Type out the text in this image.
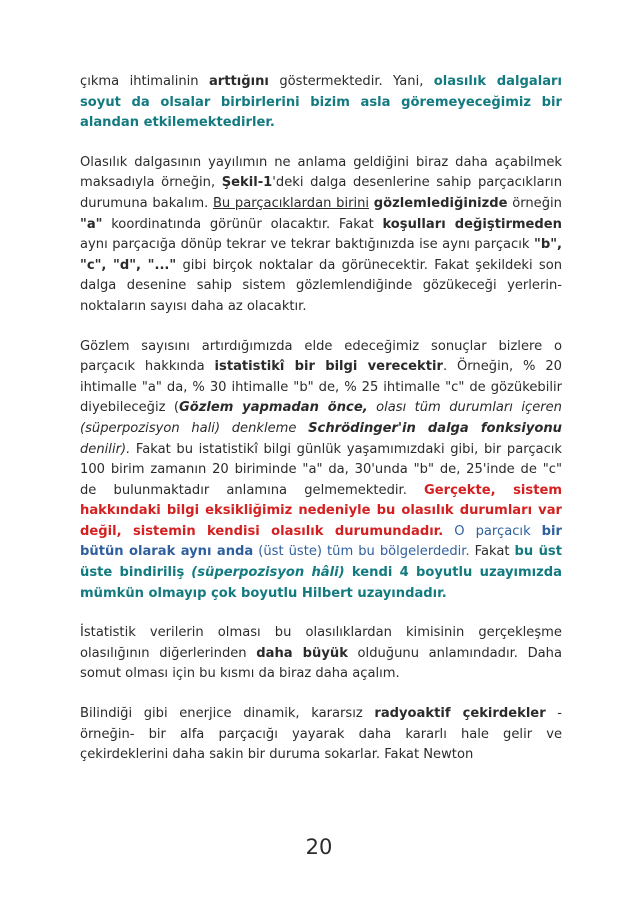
çıkma ihtimalinin arttığını göstermektedir. Yani, olasılık dalgaları soyut da olsalar birbirlerini bizim asla göremeyeceğimiz bir alandan etkilemektedirler.

Olasılık dalgasının yayılımın ne anlama geldiğini biraz daha açabilmek maksadıyla örneğin, Şekil-1'deki dalga desenlerine sahip parçacıkların durumuna bakalım. Bu parçacıklardan birini gözlemlediğinizde örneğin "a" koordinatında görünür olacaktır. Fakat koşulları değiştirmeden aynı parçacığa dönüp tekrar ve tekrar baktığınızda ise aynı parçacık "b", "c", "d", "..." gibi birçok noktalar da görünecektir. Fakat şekildeki son dalga desenine sahip sistem gözlemlendiğinde gözükeceği yerlerin-noktaların sayısı daha az olacaktır.

Gözlem sayısını artırdığımızda elde edeceğimiz sonuçlar bizlere o parçacık hakkında istatistikî bir bilgi verecektir. Örneğin, % 20 ihtimalle "a" da, % 30 ihtimalle "b" de, % 25 ihtimalle "c" de gözükebilir diyebileceğiz (Gözlem yapmadan önce, olası tüm durumları içeren (süperpozisyon hali) denkleme Schrödinger'in dalga fonksiyonu denilir). Fakat bu istatistikî bilgi günlük yaşamımızdaki gibi, bir parçacık 100 birim zamanın 20 biriminde "a" da, 30'unda "b" de, 25'inde de "c" de bulunmaktadır anlamına gelmemektedir. Gerçekte, sistem hakkındaki bilgi eksikliğimiz nedeniyle bu olasılık durumları var değil, sistemin kendisi olasılık durumundadır. O parçacık bir bütün olarak aynı anda (üst üste) tüm bu bölgelerdedir. Fakat bu üst üste bindiriliş (süperpozisyon hâli) kendi 4 boyutlu uzayımızda mümkün olmayıp çok boyutlu Hilbert uzayındadır.

İstatistik verilerin olması bu olasılıklardan kimisinin gerçekleşme olasılığının diğerlerinden daha büyük olduğunu anlamındadır. Daha somut olması için bu kısmı da biraz daha açalım.

Bilindiği gibi enerjice dinamik, kararsız radyoaktif çekirdekler - örneğin- bir alfa parçacığı yayarak daha kararlı hale gelir ve çekirdeklerini daha sakin bir duruma sokarlar. Fakat Newton

20
